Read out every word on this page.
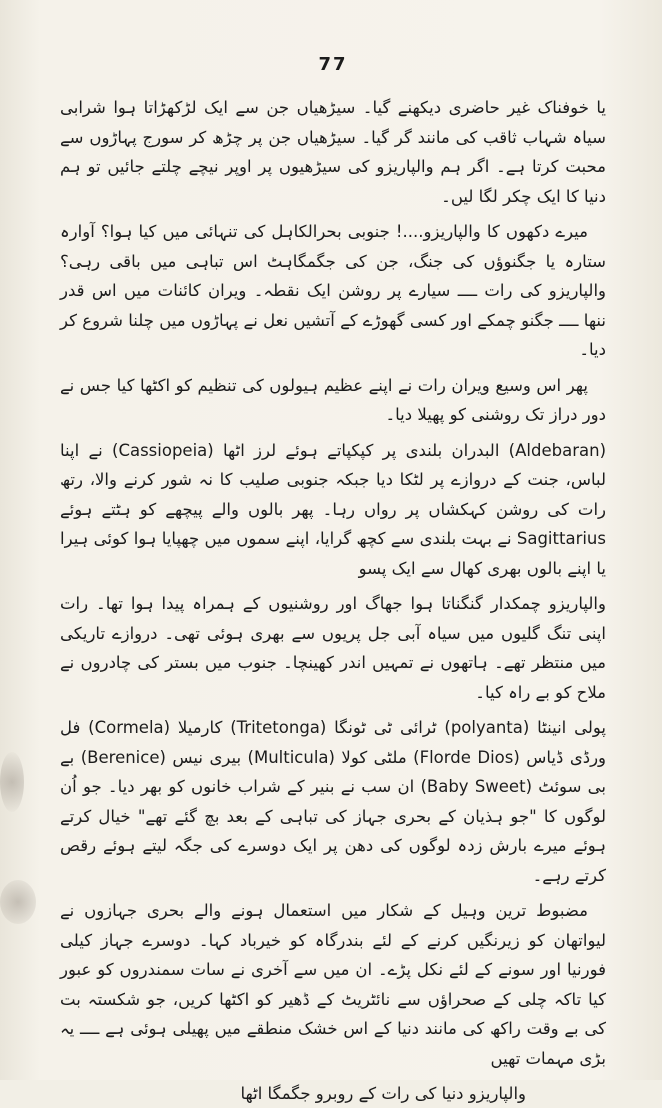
77

یا خوفناک غیر حاضری دیکھنے گیا۔ سیڑھیاں جن سے ایک لڑکھڑاتا ہوا شرابی سیاہ شہاب ثاقب کی مانند گر گیا۔ سیڑھیاں جن پر چڑھ کر سورج پہاڑوں سے محبت کرتا ہے۔ اگر ہم والپاریزو کی سیڑھیوں پر اوپر نیچے چلتے جائیں تو ہم دنیا کا ایک چکر لگا لیں۔

میرے دکھوں کا والپاریزو....! جنوبی بحرالکاہل کی تنہائی میں کیا ہوا؟ آوارہ ستارہ یا جگنوؤں کی جنگ، جن کی جگمگاہٹ اس تباہی میں باقی رہی؟ والپاریزو کی رات ــــ سیارے پر روشن ایک نقطہ۔ ویران کائنات میں اس قدر ننھا ــــ جگنو چمکے اور کسی گھوڑے کے آتشیں نعل نے پہاڑوں میں چلنا شروع کر دیا۔

پھر اس وسیع ویران رات نے اپنے عظیم ہیولوں کی تنظیم کو اکٹھا کیا جس نے دور دراز تک روشنی کو پھیلا دیا۔

(Aldebaran) البدران بلندی پر کپکپاتے ہوئے لرز اٹھا (Cassiopeia) نے اپنا لباس، جنت کے دروازے پر لٹکا دیا جبکہ جنوبی صلیب کا نہ شور کرنے والا، رتھ رات کی روشن کہکشاں پر رواں رہا۔ پھر بالوں والے پیچھے کو ہٹتے ہوئے Sagittarius نے بہت بلندی سے کچھ گرایا، اپنے سموں میں چھپایا ہوا کوئی ہیرا یا اپنے بالوں بھری کھال سے ایک پسو

والپاریزو چمکدار گنگناتا ہوا جھاگ اور روشنیوں کے ہمراہ پیدا ہوا تھا۔ رات اپنی تنگ گلیوں میں سیاہ آبی جل پریوں سے بھری ہوئی تھی۔ دروازے تاریکی میں منتظر تھے۔ ہاتھوں نے تمہیں اندر کھینچا۔ جنوب میں بستر کی چادروں نے ملاح کو بے راہ کیا۔

پولی انینٹا (polyanta) ٹرائی ٹی ٹونگا (Tritetonga) کارمیلا (Cormela) فل ورڈی ڈیاس (Florde Dios) ملٹی کولا (Multicula) بیری نیس (Berenice) بے بی سوئٹ (Baby Sweet) ان سب نے بنیر کے شراب خانوں کو بھر دیا۔ جو اُن لوگوں کا "جو ہذیان کے بحری جہاز کی تباہی کے بعد بچ گئے تھے" خیال کرتے ہوئے میرے بارش زدہ لوگوں کی دھن پر ایک دوسرے کی جگہ لیتے ہوئے رقص کرتے رہے۔

مضبوط ترین وہیل کے شکار میں استعمال ہونے والے بحری جہازوں نے لیواتھان کو زیرنگیں کرنے کے لئے بندرگاہ کو خیرباد کہا۔ دوسرے جہاز کیلی فورنیا اور سونے کے لئے نکل پڑے۔ ان میں سے آخری نے سات سمندروں کو عبور کیا تاکہ چلی کے صحراؤں سے نائٹریٹ کے ڈھیر کو اکٹھا کریں، جو شکستہ بت کی بے وقت راکھ کی مانند دنیا کے اس خشک منطقے میں پھیلی ہوئی ہے ــــ یہ بڑی مہمات تھیں

والپاریزو دنیا کی رات کے روبرو جگمگا اٹھا
